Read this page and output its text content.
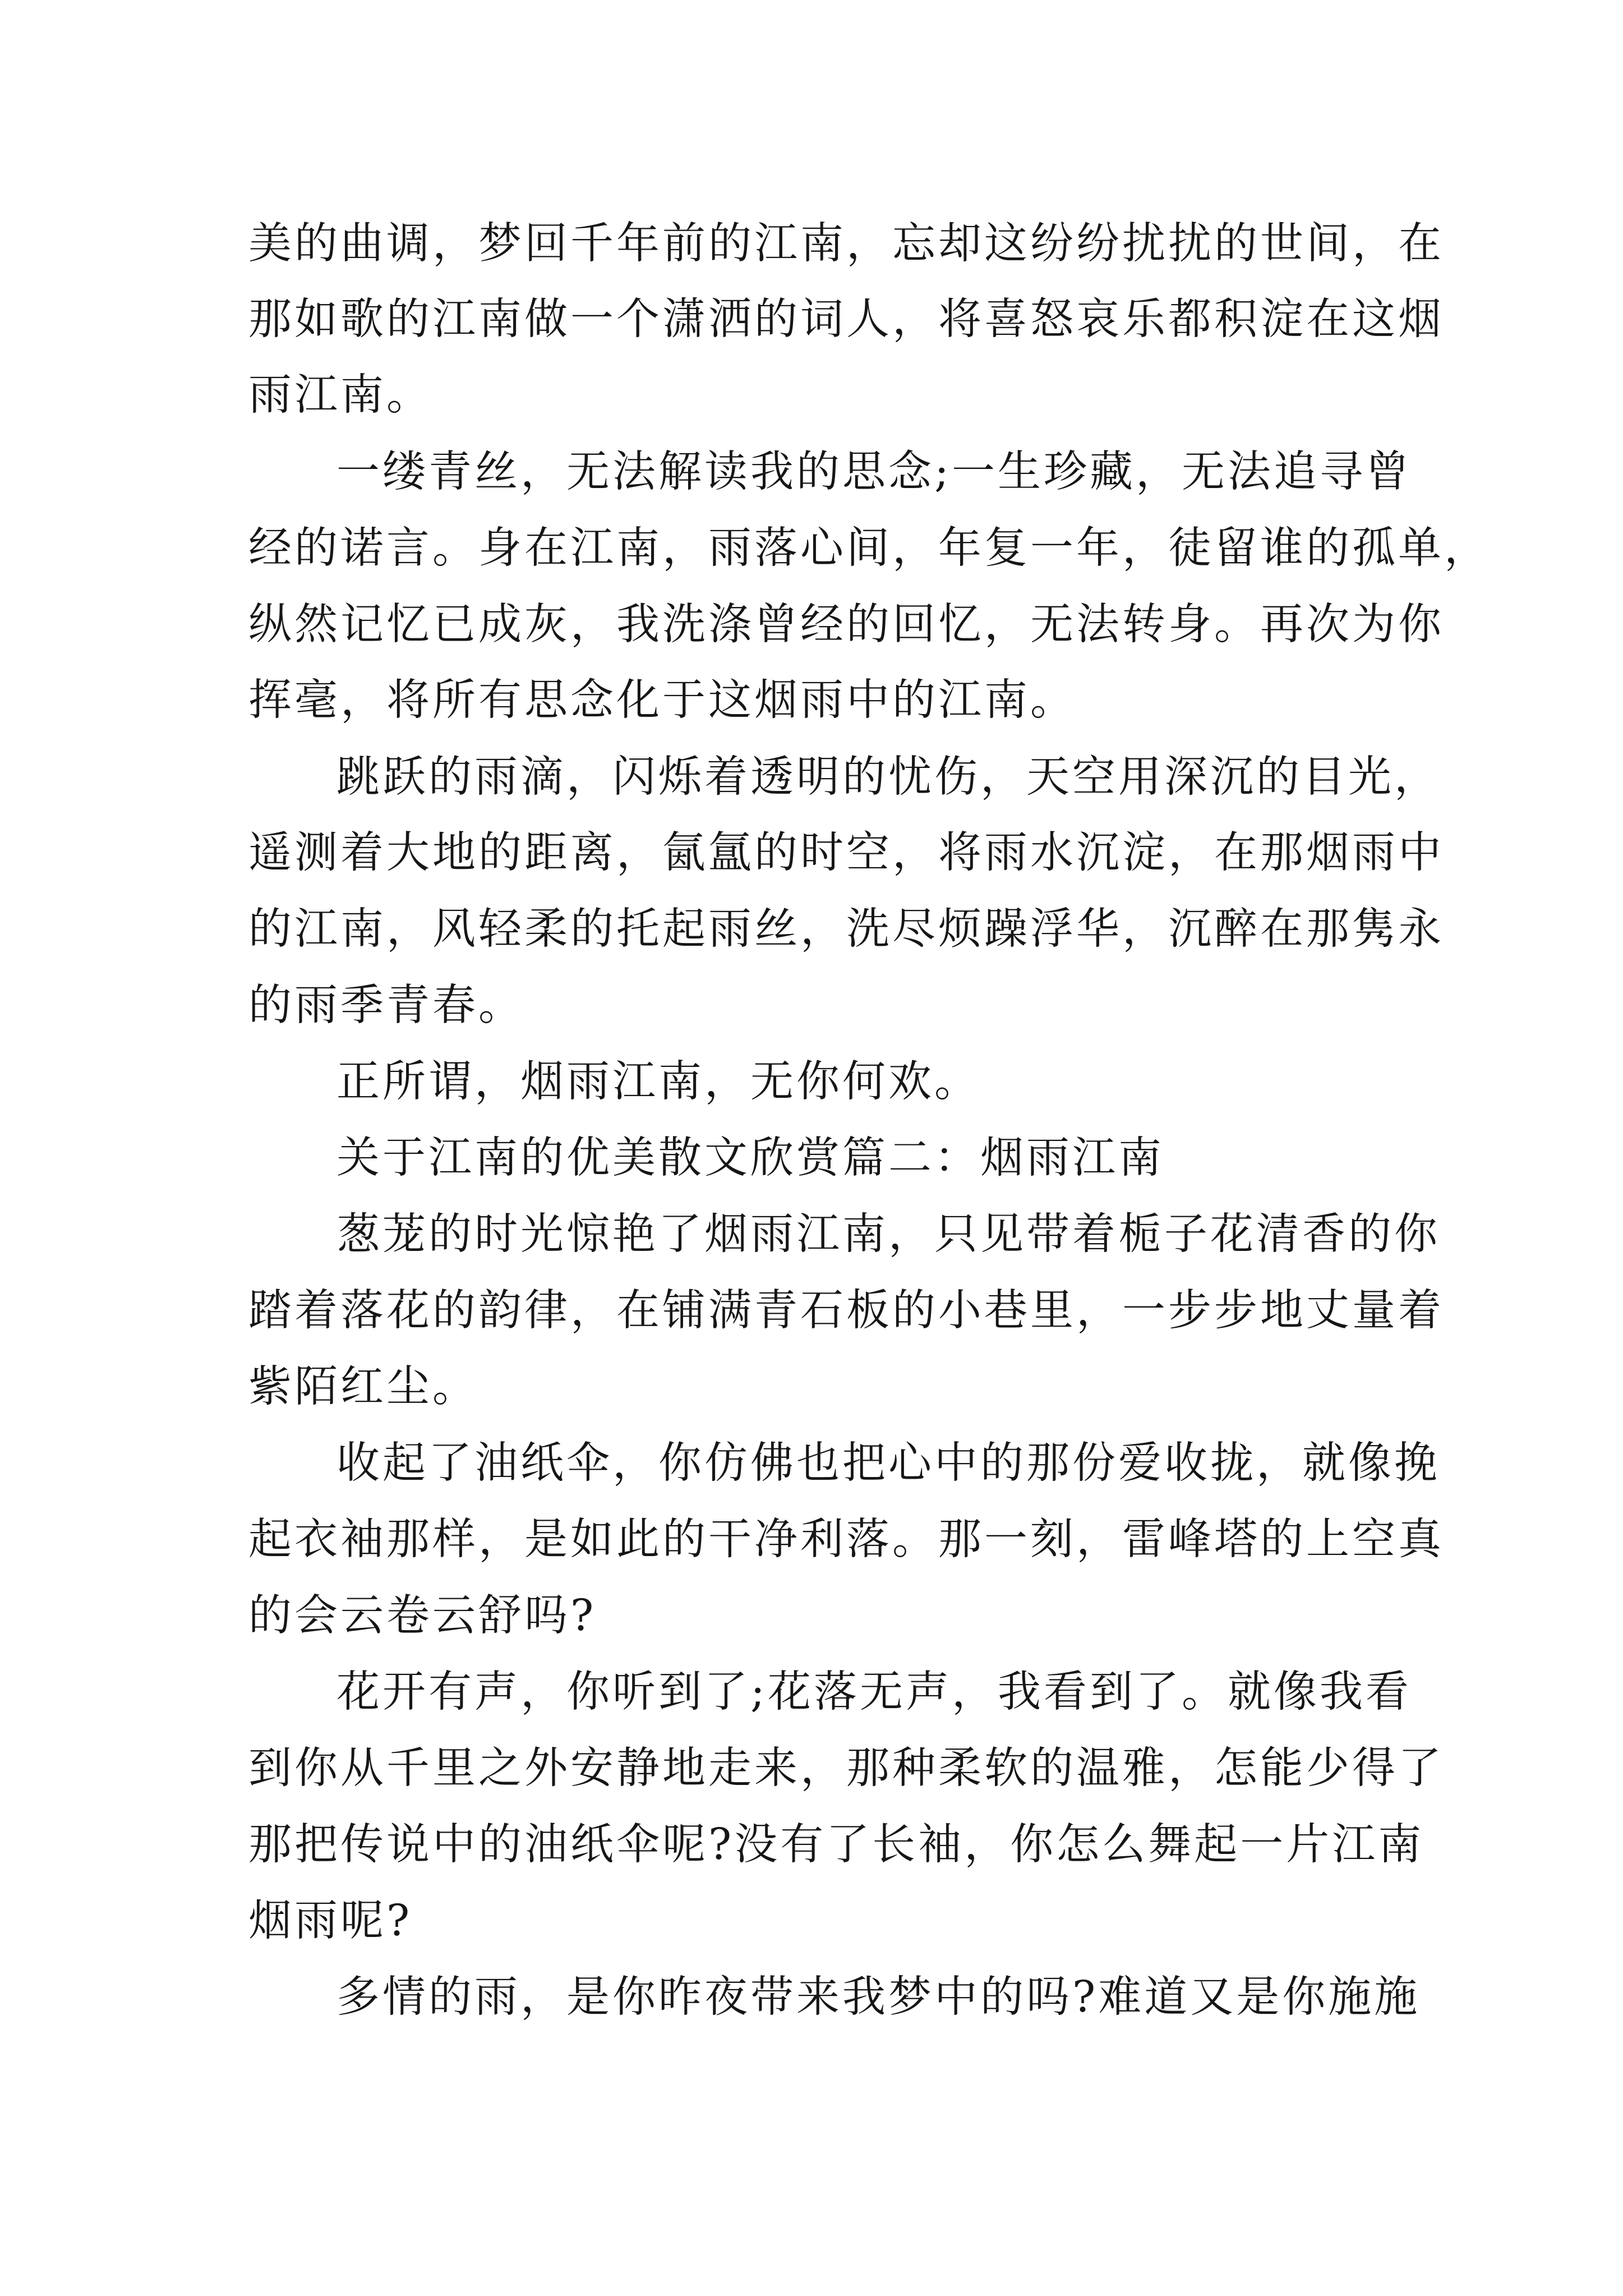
美的曲调，梦回千年前的江南，忘却这纷纷扰扰的世间，在
那如歌的江南做一个潇洒的词人，将喜怒哀乐都积淀在这烟
雨江南。
一缕青丝，无法解读我的思念;一生珍藏，无法追寻曾
经的诺言。身在江南，雨落心间，年复一年，徒留谁的孤单，
纵然记忆已成灰，我洗涤曾经的回忆，无法转身。再次为你
挥毫，将所有思念化于这烟雨中的江南。
跳跃的雨滴，闪烁着透明的忧伤，天空用深沉的目光，
遥测着大地的距离，氤氲的时空，将雨水沉淀，在那烟雨中
的江南，风轻柔的托起雨丝，洗尽烦躁浮华，沉醉在那隽永
的雨季青春。
正所谓，烟雨江南，无你何欢。
关于江南的优美散文欣赏篇二：烟雨江南
葱茏的时光惊艳了烟雨江南，只见带着栀子花清香的你
踏着落花的韵律，在铺满青石板的小巷里，一步步地丈量着
紫陌红尘。
收起了油纸伞，你仿佛也把心中的那份爱收拢，就像挽
起衣袖那样，是如此的干净利落。那一刻，雷峰塔的上空真
的会云卷云舒吗?
花开有声，你听到了;花落无声，我看到了。就像我看
到你从千里之外安静地走来，那种柔软的温雅，怎能少得了
那把传说中的油纸伞呢?没有了长袖，你怎么舞起一片江南
烟雨呢?
多情的雨，是你昨夜带来我梦中的吗?难道又是你施施
